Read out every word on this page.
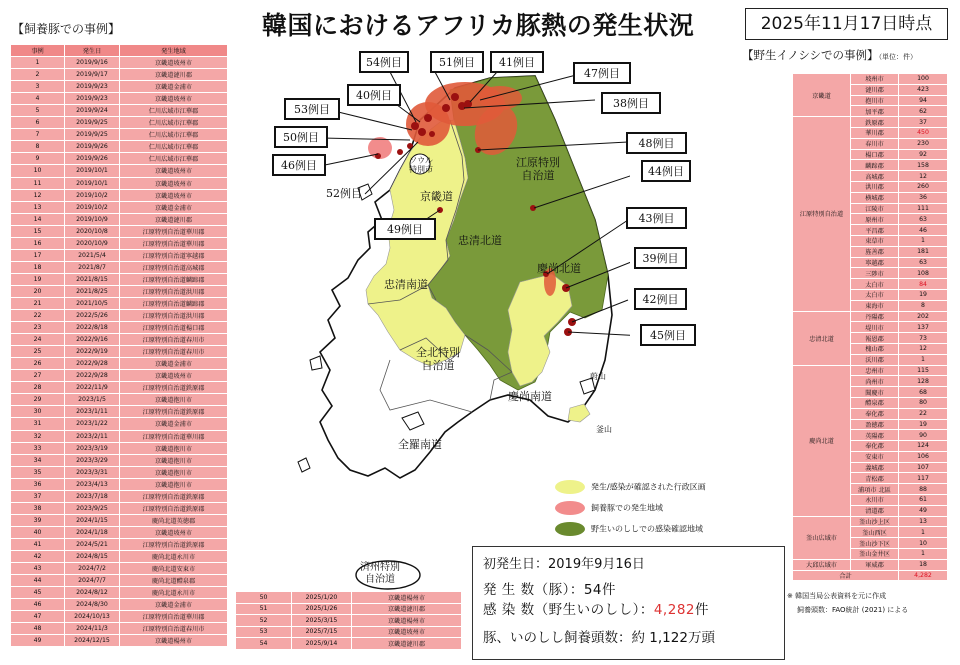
韓国におけるアフリカ豚熱の発生状況	2025年11月17日時点
【飼養豚での事例】
事例	発生日	発生地域
1	2019/9/16	京畿道坡州市
2	2019/9/17	京畿道漣川郡
3	2019/9/23	京畿道金浦市
4	2019/9/23	京畿道坡州市
5	2019/9/24	仁川広域市江華郡
6	2019/9/25	仁川広域市江華郡
7	2019/9/25	仁川広域市江華郡
8	2019/9/26	仁川広域市江華郡
9	2019/9/26	仁川広域市江華郡
10	2019/10/1	京畿道坡州市
11	2019/10/1	京畿道坡州市
12	2019/10/2	京畿道坡州市
13	2019/10/2	京畿道金浦市
14	2019/10/9	京畿道漣川郡
15	2020/10/8	江原特別自治道華川郡
16	2020/10/9	江原特別自治道華川郡
17	2021/5/4	江原特別自治道寧越郡
18	2021/8/7	江原特別自治道高城郡
19	2021/8/15	江原特別自治道麟蹄郡
20	2021/8/25	江原特別自治道洪川郡
21	2021/10/5	江原特別自治道麟蹄郡
22	2022/5/26	江原特別自治道洪川郡
23	2022/8/18	江原特別自治道楊口郡
24	2022/9/16	江原特別自治道春川市
25	2022/9/19	江原特別自治道春川市
26	2022/9/28	京畿道金浦市
27	2022/9/28	京畿道坡州市
28	2022/11/9	江原特別自治道鉄原郡
29	2023/1/5	京畿道抱川市
30	2023/1/11	江原特別自治道鉄原郡
31	2023/1/22	京畿道金浦市
32	2023/2/11	江原特別自治道華川郡
33	2023/3/19	京畿道抱川市
34	2023/3/29	京畿道抱川市
35	2023/3/31	京畿道抱川市
36	2023/4/13	京畿道抱川市
37	2023/7/18	江原特別自治道鉄原郡
38	2023/9/25	江原特別自治道鉄原郡
39	2024/1/15	慶尚北道英徳郡
40	2024/1/18	京畿道坡州市
41	2024/5/21	江原特別自治道鉄原郡
42	2024/8/15	慶尚北道永川市
43	2024/7/2	慶尚北道安東市
44	2024/7/7	慶尚北道醴泉郡
45	2024/8/12	慶尚北道永川市
46	2024/8/30	京畿道金浦市
47	2024/10/13	江原特別自治道華川郡
48	2024/11/3	江原特別自治道春川市
49	2024/12/15	京畿道楊州市
50	2025/1/20	京畿道楊州市
51	2025/1/26	京畿道漣川郡
52	2025/3/15	京畿道楊州市
53	2025/7/15	京畿道坡州市
54	2025/9/14	京畿道漣川郡
【野生イノシシでの事例】（単位：件）
京畿道	坡州市	100
	漣川郡	423
	抱川市	94
	加平郡	62
江原特別自治道	鉄原郡	37
	華川郡	450
	春川市	230
	楊口郡	92
	麟蹄郡	158
	高城郡	12
	洪川郡	260
	横城郡	36
	江陵市	111
	原州市	63
	平昌郡	46
	束草市	1
	旌善郡	181
	寧越郡	63
	三陟市	108
	太白市	84
	太白市	19
	東海市	8
忠清北道	丹陽郡	202
	堤川市	137
	報恩郡	73
	槐山郡	12
	沃川郡	1
慶尚北道	忠州市	115
	尚州市	128
	聞慶市	68
	醴泉郡	80
	奉化郡	22
	盈徳郡	19
	英陽郡	90
	奉化郡	124
	安東市	106
	義城郡	107
	青松郡	117
	浦項市 北區	88
	永川市	61
	清道郡	49
釜山広域市	釜山沙上区	13
	釜山西区	1
	釜山沙下区	10
	釜山金井区	1
大邱広域市	軍威郡	18
合計		4,282
※ 韓国当局公表資料を元に作成
飼養頭数：FAO統計 (2021) による
54例目	51例目	41例目
47例目
40例目
53例目	38例目
50例目	48例目
46例目
52例目
44例目
49例目
43例目
39例目
42例目
45例目
京畿道
江原特別
自治道
忠清北道
忠清南道
慶尚北道
全北特別
自治道
慶尚南道
全羅南道
ソウル
特別市
蔚山
釜山
済州特別
自治道
発生/感染が確認された行政区画
飼養豚での発生地域
野生いのししでの感染確認地域
初発生日：2019年9月16日
発 生 数（豚）：54件
感 染 数（野生いのしし）：4,282件
豚、いのしし飼養頭数：約 1,122万頭
